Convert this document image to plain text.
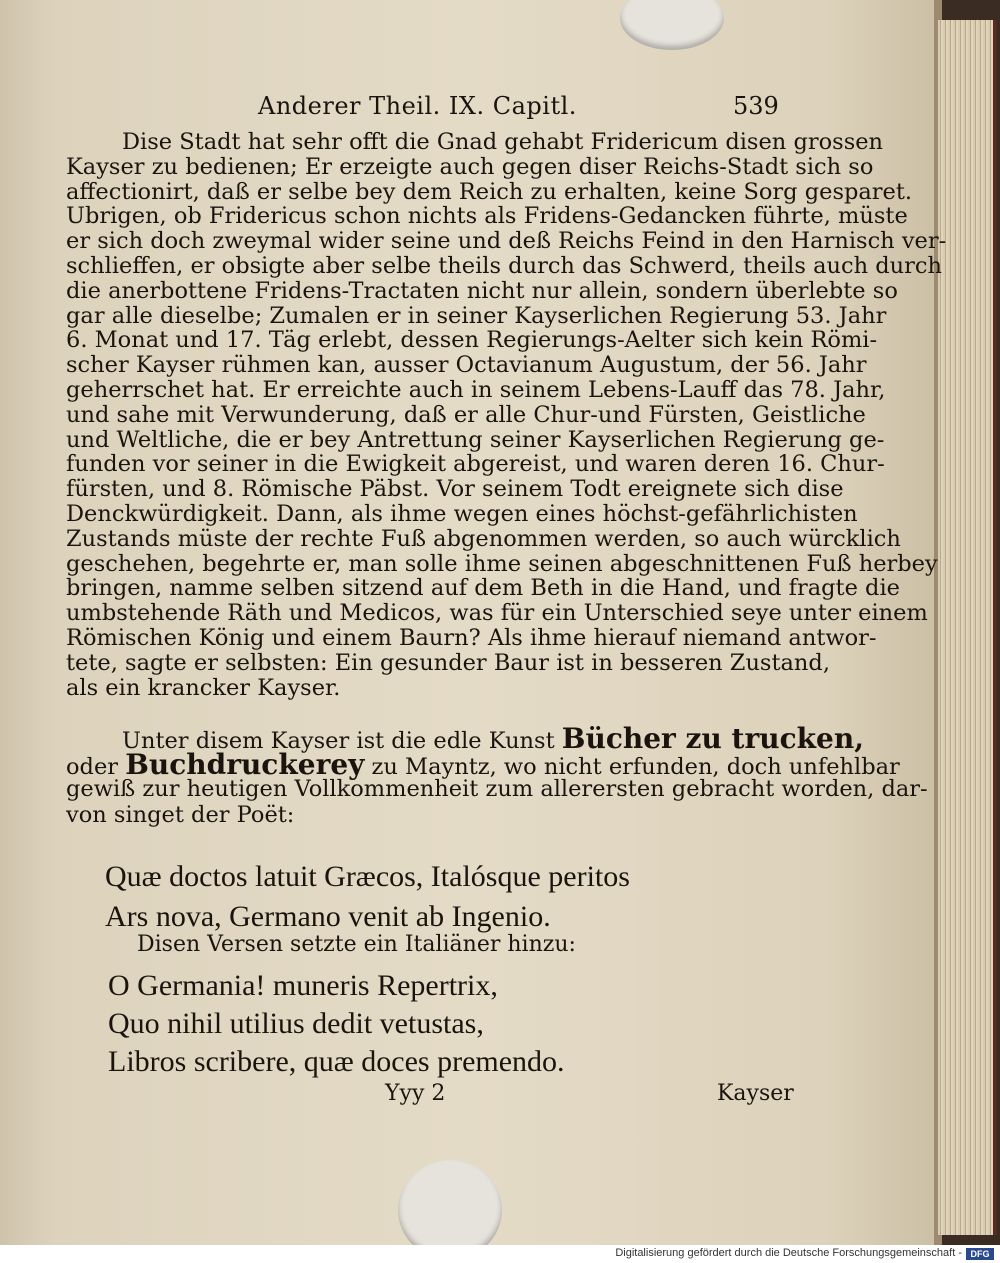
Anderer Theil. IX. Capitl.	539
Dise Stadt hat sehr offt die Gnad gehabt Fridericum disen grossen
Kayser zu bedienen; Er erzeigte auch gegen diser Reichs-Stadt sich so
affectionirt, daß er selbe bey dem Reich zu erhalten, keine Sorg gesparet.
Ubrigen, ob Fridericus schon nichts als Fridens-Gedancken führte, müste
er sich doch zweymal wider seine und deß Reichs Feind in den Harnisch ver-
schlieffen, er obsigte aber selbe theils durch das Schwerd, theils auch durch
die anerbottene Fridens-Tractaten nicht nur allein, sondern überlebte so
gar alle dieselbe; Zumalen er in seiner Kayserlichen Regierung 53. Jahr
6. Monat und 17. Täg erlebt, dessen Regierungs-Aelter sich kein Römi-
scher Kayser rühmen kan, ausser Octavianum Augustum, der 56. Jahr
geherrschet hat. Er erreichte auch in seinem Lebens-Lauff das 78. Jahr,
und sahe mit Verwunderung, daß er alle Chur-und Fürsten, Geistliche
und Weltliche, die er bey Antrettung seiner Kayserlichen Regierung ge-
funden vor seiner in die Ewigkeit abgereist, und waren deren 16. Chur-
fürsten, und 8. Römische Päbst. Vor seinem Todt ereignete sich dise
Denckwürdigkeit. Dann, als ihme wegen eines höchst-gefährlichisten
Zustands müste der rechte Fuß abgenommen werden, so auch würcklich
geschehen, begehrte er, man solle ihme seinen abgeschnittenen Fuß herbey
bringen, namme selben sitzend auf dem Beth in die Hand, und fragte die
umbstehende Räth und Medicos, was für ein Unterschied seye unter einem
Römischen König und einem Baurn? Als ihme hierauf niemand antwor-
tete, sagte er selbsten: Ein gesunder Baur ist in besseren Zustand,
als ein krancker Kayser.
Unter disem Kayser ist die edle Kunst Bücher zu trucken,
oder Buchdruckerey zu Mayntz, wo nicht erfunden, doch unfehlbar
gewiß zur heutigen Vollkommenheit zum allerersten gebracht worden, dar-
von singet der Poët:
Quæ doctos latuit Græcos, Italósque peritos
Ars nova, Germano venit ab Ingenio.
Disen Versen setzte ein Italiäner hinzu:
O Germania! muneris Repertrix,
Quo nihil utilius dedit vetustas,
Libros scribere, quæ doces premendo.
Yyy 2	Kayser
Digitalisierung gefördert durch die Deutsche Forschungsgemeinschaft - DFG
